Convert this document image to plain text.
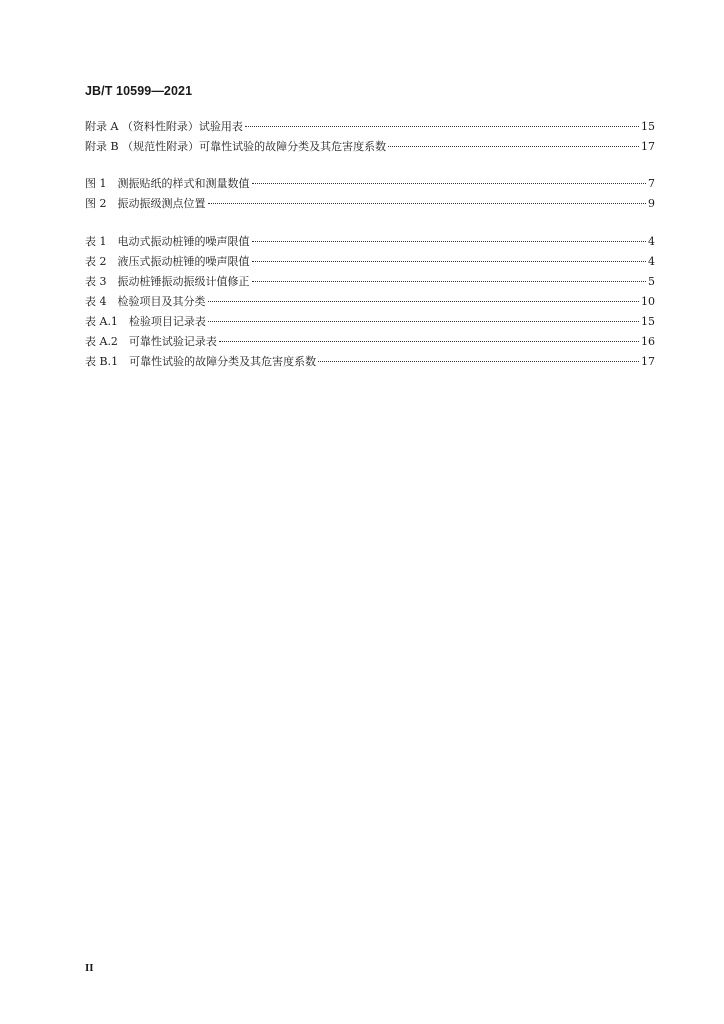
JB/T 10599—2021
附录 A （资料性附录）试验用表	15
附录 B （规范性附录）可靠性试验的故障分类及其危害度系数	17
图 1　测振贴纸的样式和测量数值	7
图 2　振动振级测点位置	9
表 1　电动式振动桩锤的噪声限值	4
表 2　液压式振动桩锤的噪声限值	4
表 3　振动桩锤振动振级计值修正	5
表 4　检验项目及其分类	10
表 A.1　检验项目记录表	15
表 A.2　可靠性试验记录表	16
表 B.1　可靠性试验的故障分类及其危害度系数	17
II
